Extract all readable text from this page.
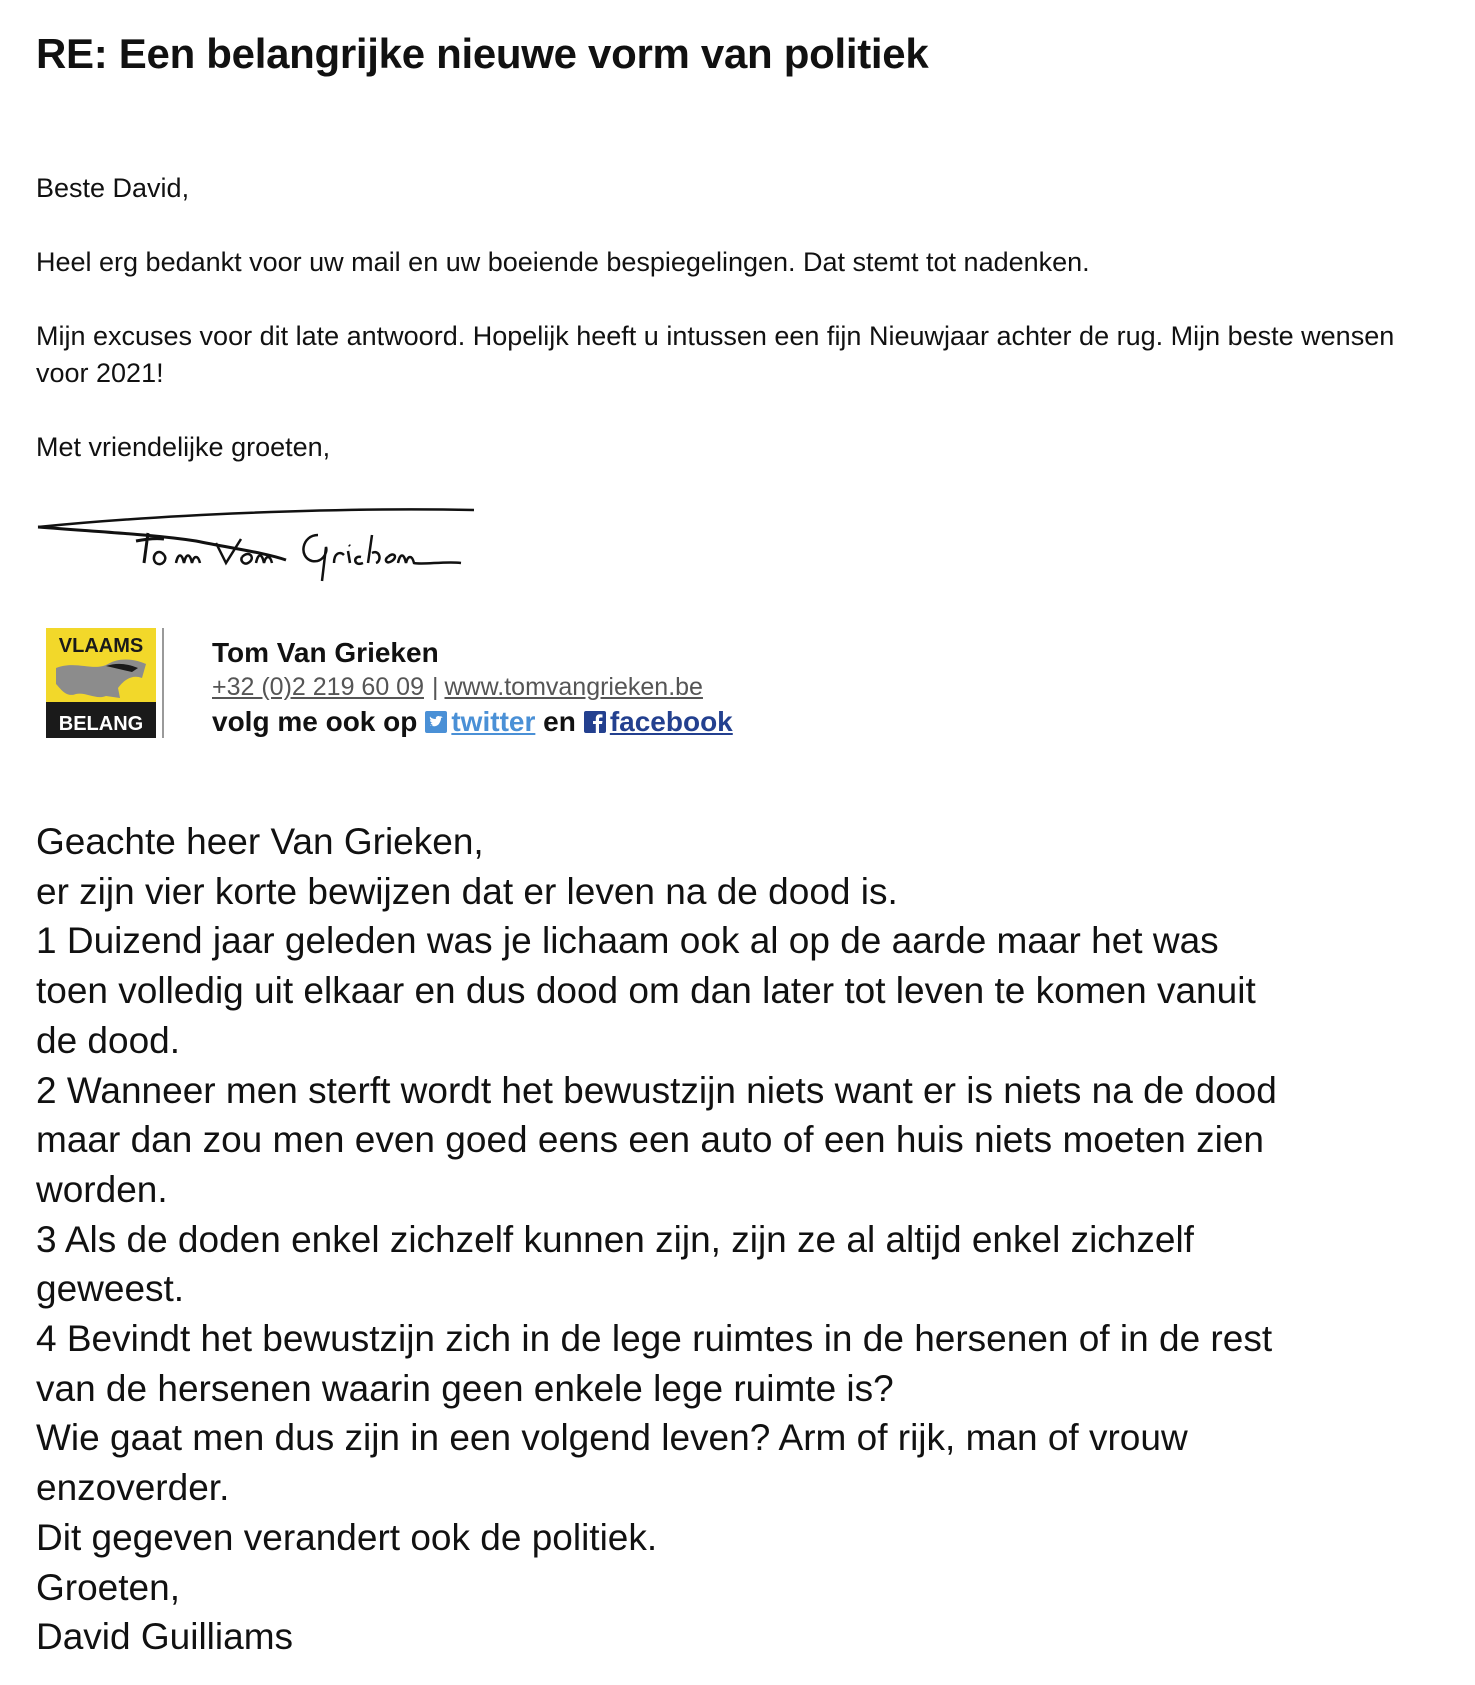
RE: Een belangrijke nieuwe vorm van politiek

Beste David,

Heel erg bedankt voor uw mail en uw boeiende bespiegelingen. Dat stemt tot nadenken.

Mijn excuses voor dit late antwoord. Hopelijk heeft u intussen een fijn Nieuwjaar achter de rug. Mijn beste wensen voor 2021!

Met vriendelijke groeten,

Tom Van Grieken
VLAAMS
BELANG
Tom Van Grieken
+32 (0)2 219 60 09 | www.tomvangrieken.be
volg me ook op twitter en facebook
Geachte heer Van Grieken,
er zijn vier korte bewijzen dat er leven na de dood is.
1 Duizend jaar geleden was je lichaam ook al op de aarde maar het was
toen volledig uit elkaar en dus dood om dan later tot leven te komen vanuit
de dood.
2 Wanneer men sterft wordt het bewustzijn niets want er is niets na de dood
maar dan zou men even goed eens een auto of een huis niets moeten zien
worden.
3 Als de doden enkel zichzelf kunnen zijn, zijn ze al altijd enkel zichzelf
geweest.
4 Bevindt het bewustzijn zich in de lege ruimtes in de hersenen of in de rest
van de hersenen waarin geen enkele lege ruimte is?
Wie gaat men dus zijn in een volgend leven? Arm of rijk, man of vrouw
enzoverder.
Dit gegeven verandert ook de politiek.
Groeten,
David Guilliams
